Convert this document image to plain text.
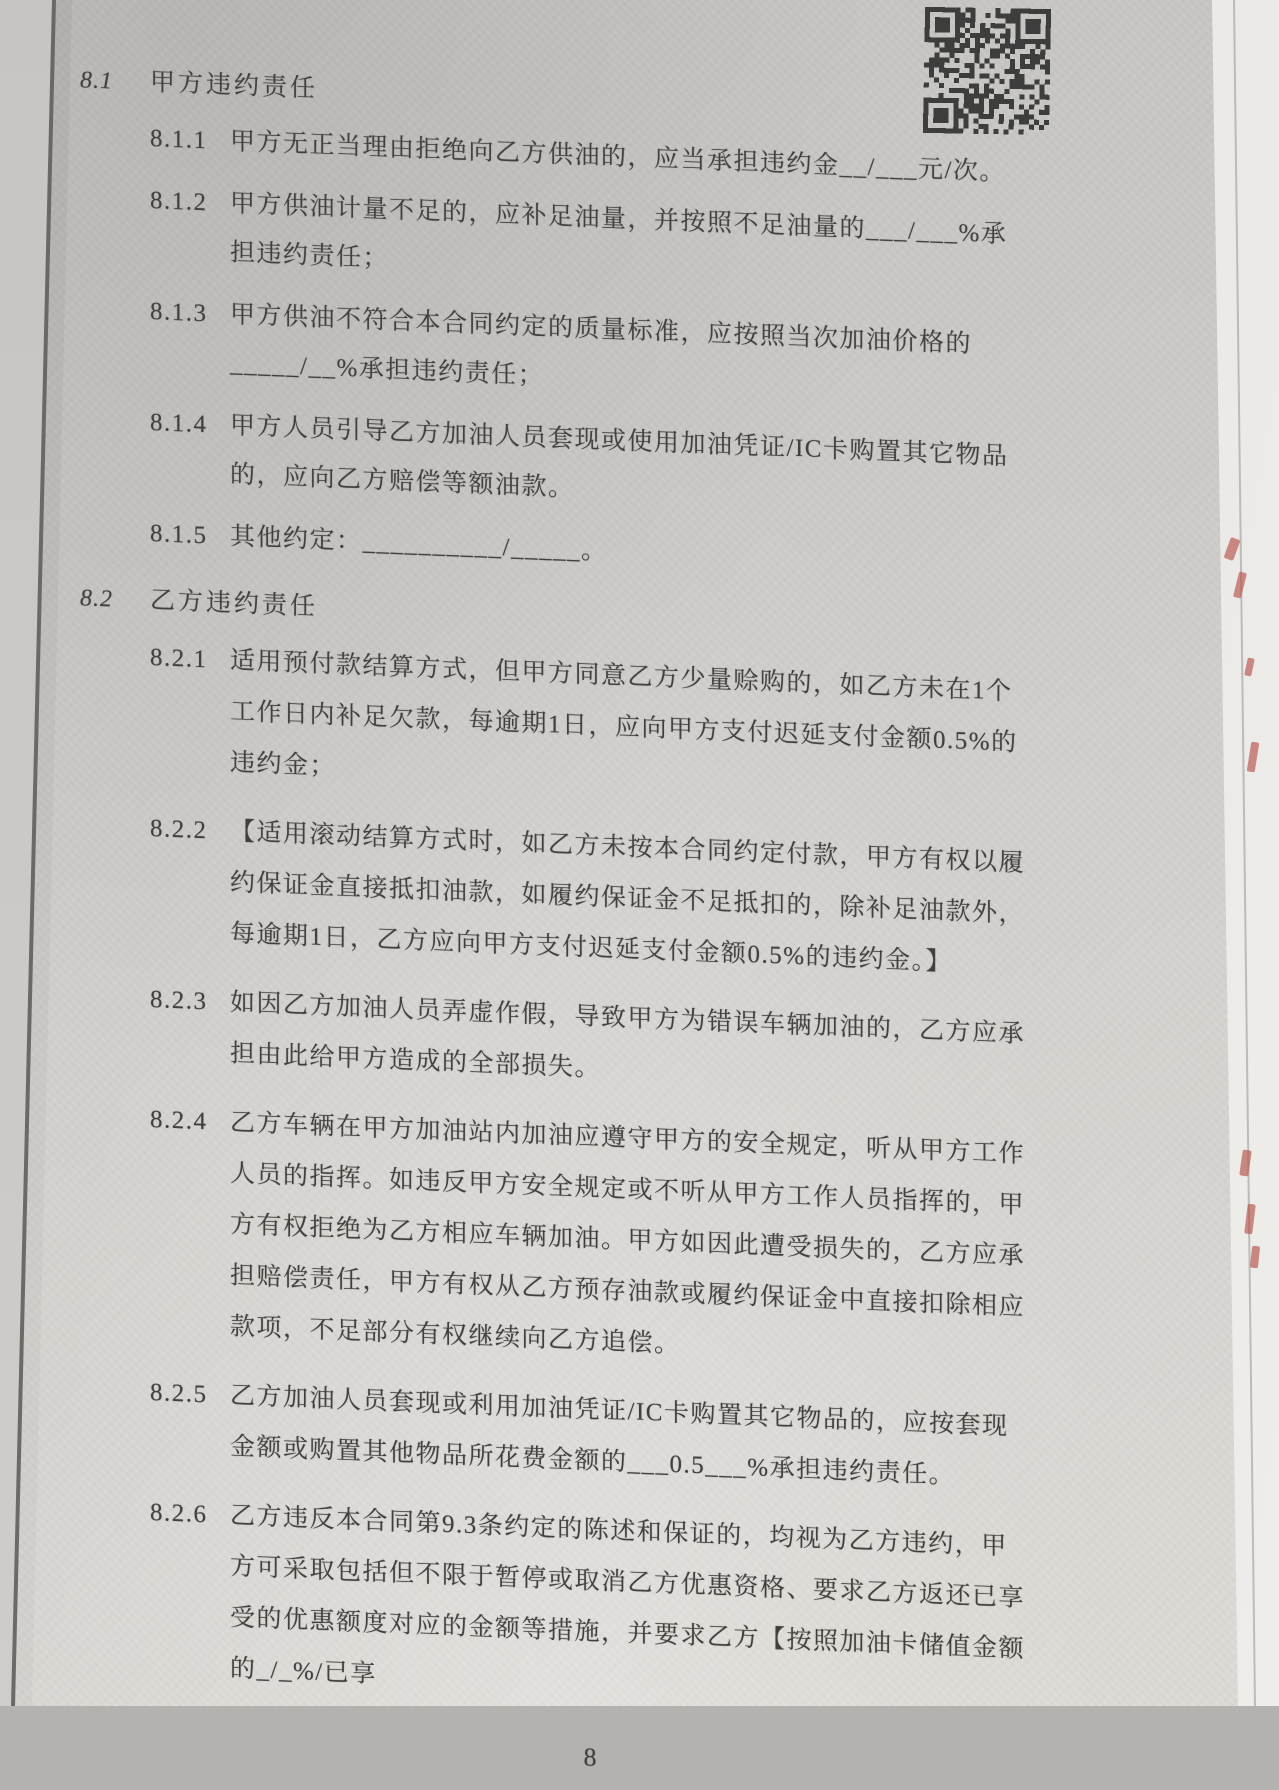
8.1	甲方违约责任
8.1.1 甲方无正当理由拒绝向乙方供油的，应当承担违约金__/___元/次。
8.1.2 甲方供油计量不足的，应补足油量，并按照不足油量的___/___%承担违约责任；
8.1.3 甲方供油不符合本合同约定的质量标准，应按照当次加油价格的_____/__%承担违约责任；
8.1.4 甲方人员引导乙方加油人员套现或使用加油凭证/IC卡购置其它物品的，应向乙方赔偿等额油款。
8.1.5 其他约定：__________/_____。
8.2	乙方违约责任
8.2.1 适用预付款结算方式，但甲方同意乙方少量赊购的，如乙方未在1个工作日内补足欠款，每逾期1日，应向甲方支付迟延支付金额0.5%的违约金；
8.2.2 【适用滚动结算方式时，如乙方未按本合同约定付款，甲方有权以履约保证金直接抵扣油款，如履约保证金不足抵扣的，除补足油款外，每逾期1日，乙方应向甲方支付迟延支付金额0.5%的违约金。】
8.2.3 如因乙方加油人员弄虚作假，导致甲方为错误车辆加油的，乙方应承担由此给甲方造成的全部损失。
8.2.4 乙方车辆在甲方加油站内加油应遵守甲方的安全规定，听从甲方工作人员的指挥。如违反甲方安全规定或不听从甲方工作人员指挥的，甲方有权拒绝为乙方相应车辆加油。甲方如因此遭受损失的，乙方应承担赔偿责任，甲方有权从乙方预存油款或履约保证金中直接扣除相应款项，不足部分有权继续向乙方追偿。
8.2.5 乙方加油人员套现或利用加油凭证/IC卡购置其它物品的，应按套现金额或购置其他物品所花费金额的___0.5___%承担违约责任。
8.2.6 乙方违反本合同第9.3条约定的陈述和保证的，均视为乙方违约，甲方可采取包括但不限于暂停或取消乙方优惠资格、要求乙方返还已享受的优惠额度对应的金额等措施，并要求乙方【按照加油卡储值金额的_/_%/已享
8
